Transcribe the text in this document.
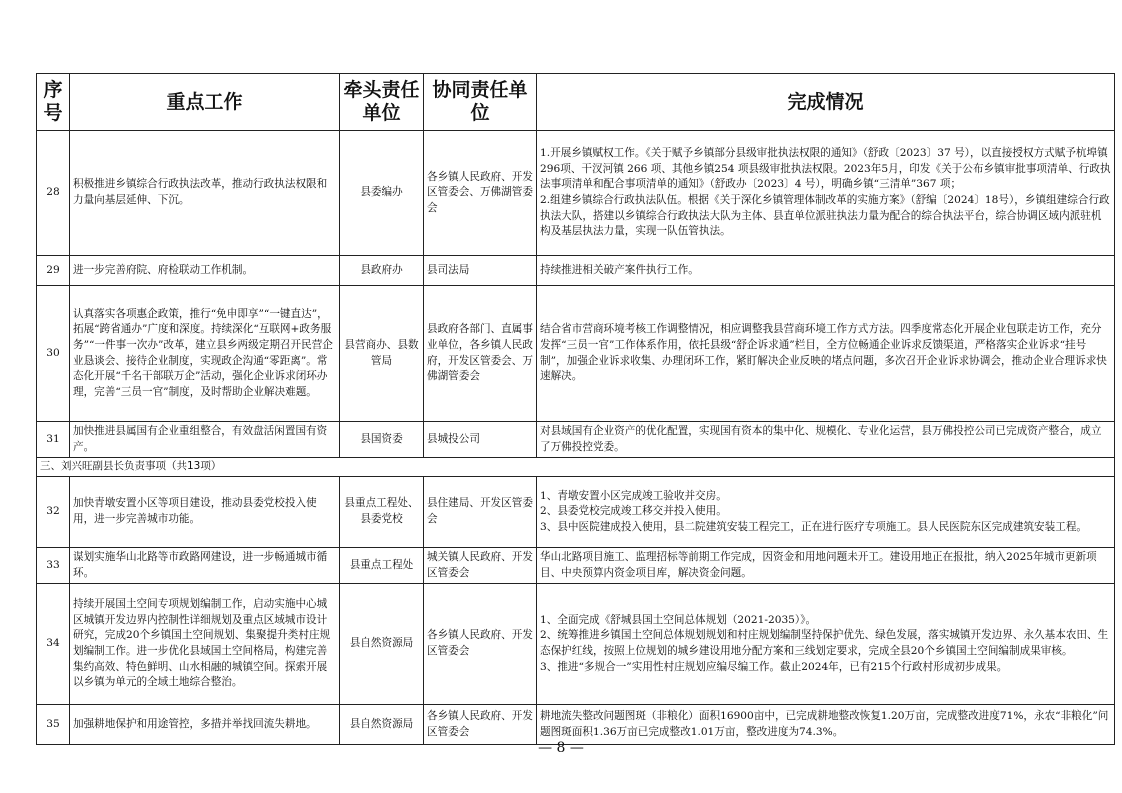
序号	重点工作	牵头责任单位	协同责任单位	完成情况
28	积极推进乡镇综合行政执法改革，推动行政执法权限和力量向基层延伸、下沉。	县委编办	各乡镇人民政府、开发区管委会、万佛湖管委会	1.开展乡镇赋权工作。《关于赋予乡镇部分县级审批执法权限的通知》（舒政〔2023〕37 号），以直接授权方式赋予杭埠镇 296项、干汊河镇 266 项、其他乡镇254 项县级审批执法权限。2023年5月，印发《关于公布乡镇审批事项清单、行政执法事项清单和配合事项清单的通知》（舒政办〔2023〕4 号），明确乡镇“三清单”367 项；
2.组建乡镇综合行政执法队伍。根据《关于深化乡镇管理体制改革的实施方案》（舒编〔2024〕18号），乡镇组建综合行政执法大队，搭建以乡镇综合行政执法大队为主体、县直单位派驻执法力量为配合的综合执法平台，综合协调区域内派驻机构及基层执法力量，实现一队伍管执法。

29	进一步完善府院、府检联动工作机制。	县政府办	县司法局	持续推进相关破产案件执行工作。

30	认真落实各项惠企政策，推行“免申即享”“一键直达”，拓展“跨省通办”广度和深度。持续深化“互联网+政务服务”“一件事一次办”改革，建立县乡两级定期召开民营企业恳谈会、接待企业制度，实现政企沟通“零距离”。常态化开展“千名干部联万企”活动，强化企业诉求闭环办理，完善“三员一官”制度，及时帮助企业解决难题。	县营商办、县数管局	县政府各部门、直属事业单位，各乡镇人民政府，开发区管委会、万佛湖管委会	结合省市营商环境考核工作调整情况，相应调整我县营商环境工作方式方法。四季度常态化开展企业包联走访工作，充分发挥“三员一官”工作体系作用，依托县级“舒企诉求通”栏目，全方位畅通企业诉求反馈渠道，严格落实企业诉求“挂号制”，加强企业诉求收集、办理闭环工作，紧盯解决企业反映的堵点问题，多次召开企业诉求协调会，推动企业合理诉求快速解决。

31	加快推进县属国有企业重组整合，有效盘活闲置国有资产。	县国资委	县城投公司	对县域国有企业资产的优化配置，实现国有资本的集中化、规模化、专业化运营，县万佛投控公司已完成资产整合，成立了万佛投控党委。

三、刘兴旺副县长负责事项（共13项）				
32	加快青墩安置小区等项目建设，推动县委党校投入使用，进一步完善城市功能。	县重点工程处、县委党校	县住建局、开发区管委会	1、青墩安置小区完成竣工验收并交房。
2、县委党校完成竣工移交并投入使用。
3、县中医院建成投入使用，县二院建筑安装工程完工，正在进行医疗专项施工。县人民医院东区完成建筑安装工程。

33	谋划实施华山北路等市政路网建设，进一步畅通城市循环。	县重点工程处	城关镇人民政府、开发区管委会	华山北路项目施工、监理招标等前期工作完成，因资金和用地问题未开工。建设用地正在报批，纳入2025年城市更新项目、中央预算内资金项目库，解决资金问题。

34	持续开展国土空间专项规划编制工作，启动实施中心城区城镇开发边界内控制性详细规划及重点区域城市设计研究，完成20个乡镇国土空间规划、集聚提升类村庄规划编制工作。进一步优化县域国土空间格局，构建完善集约高效、特色鲜明、山水相融的城镇空间。探索开展以乡镇为单元的全域土地综合整治。	县自然资源局	各乡镇人民政府、开发区管委会	1、全面完成《舒城县国土空间总体规划（2021-2035）》。
2、统筹推进乡镇国土空间总体规划规划和村庄规划编制坚持保护优先、绿色发展，落实城镇开发边界、永久基本农田、生态保护红线，按照上位规划的城乡建设用地分配方案和三线划定要求，完成全县20个乡镇国土空间编制成果审核。
3、推进“多规合一”实用性村庄规划应编尽编工作。截止2024年，已有215个行政村形成初步成果。

35	加强耕地保护和用途管控，多措并举找回流失耕地。	县自然资源局	各乡镇人民政府、开发区管委会	耕地流失整改问题图斑（非粮化）面积16900亩中，已完成耕地整改恢复1.20万亩，完成整改进度71%，永农“非粮化”问题图斑面积1.36万亩已完成整改1.01万亩，整改进度为74.3%。
— 8 —
